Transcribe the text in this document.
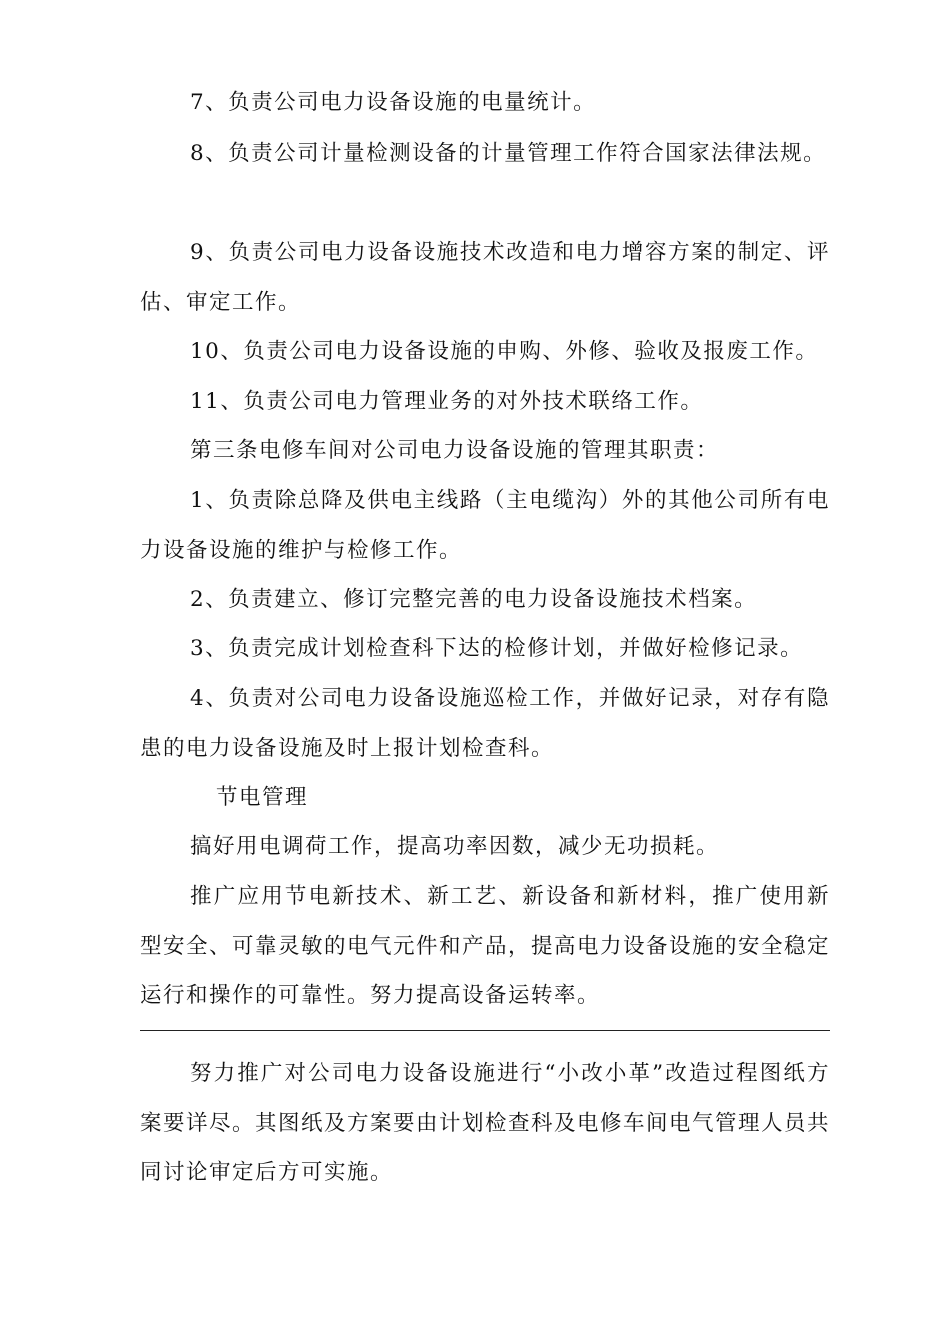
7、负责公司电力设备设施的电量统计。

8、负责公司计量检测设备的计量管理工作符合国家法律法规。

9、负责公司电力设备设施技术改造和电力增容方案的制定、评估、审定工作。

10、负责公司电力设备设施的申购、外修、验收及报废工作。

11、负责公司电力管理业务的对外技术联络工作。

第三条电修车间对公司电力设备设施的管理其职责：

1、负责除总降及供电主线路（主电缆沟）外的其他公司所有电力设备设施的维护与检修工作。

2、负责建立、修订完整完善的电力设备设施技术档案。

3、负责完成计划检查科下达的检修计划，并做好检修记录。

4、负责对公司电力设备设施巡检工作，并做好记录，对存有隐患的电力设备设施及时上报计划检查科。

节电管理

搞好用电调荷工作，提高功率因数，减少无功损耗。

推广应用节电新技术、新工艺、新设备和新材料，推广使用新型安全、可靠灵敏的电气元件和产品，提高电力设备设施的安全稳定运行和操作的可靠性。努力提高设备运转率。

努力推广对公司电力设备设施进行“小改小革”改造过程图纸方案要详尽。其图纸及方案要由计划检查科及电修车间电气管理人员共同讨论审定后方可实施。
